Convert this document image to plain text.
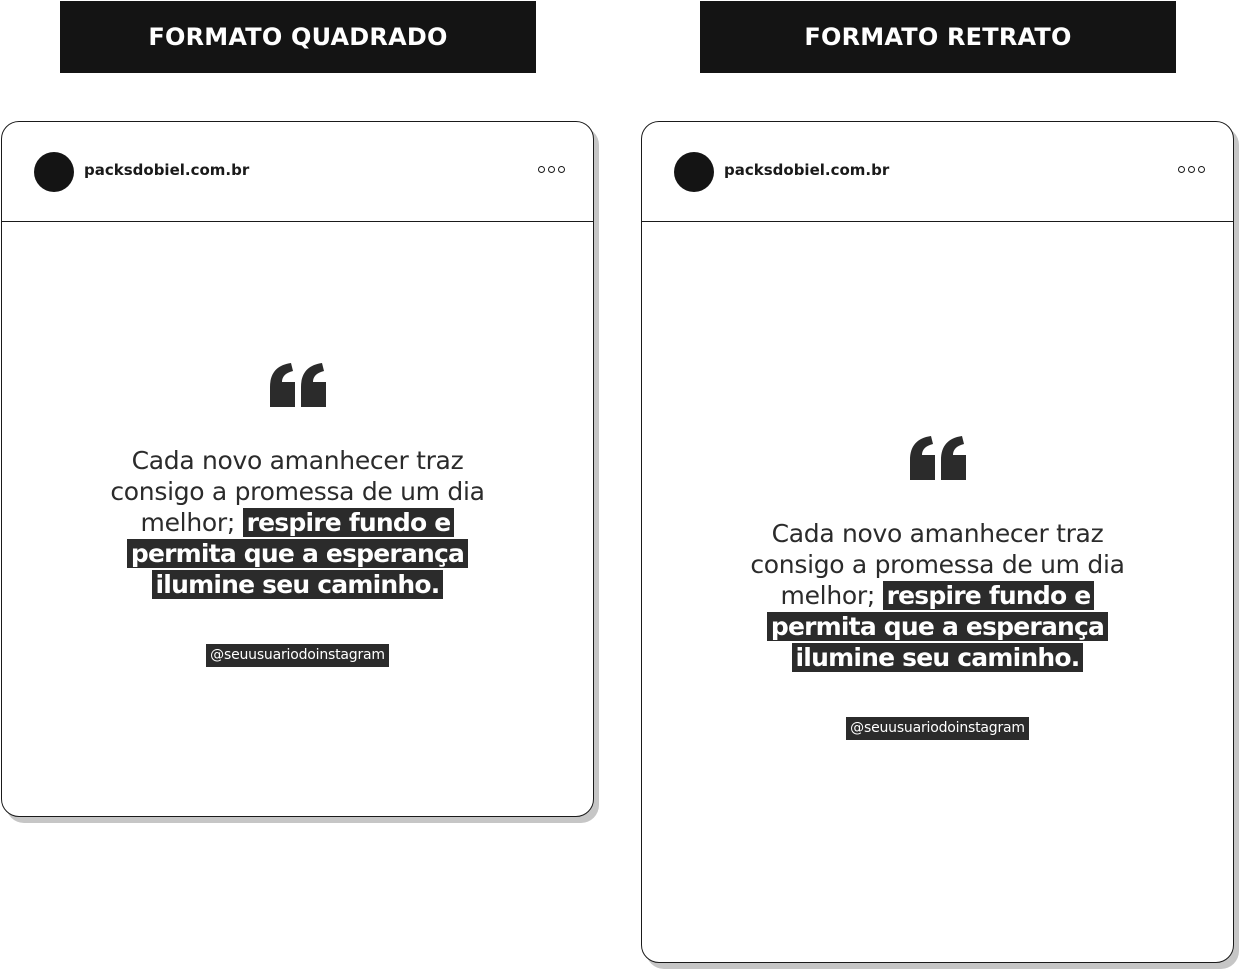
FORMATO QUADRADO	FORMATO RETRATO
packsdobiel.com.br
Cada novo amanhecer traz consigo a promessa de um dia melhor; respire fundo e permita que a esperança ilumine seu caminho.
@seuusuariodoinstagram
packsdobiel.com.br
Cada novo amanhecer traz consigo a promessa de um dia melhor; respire fundo e permita que a esperança ilumine seu caminho.
@seuusuariodoinstagram
